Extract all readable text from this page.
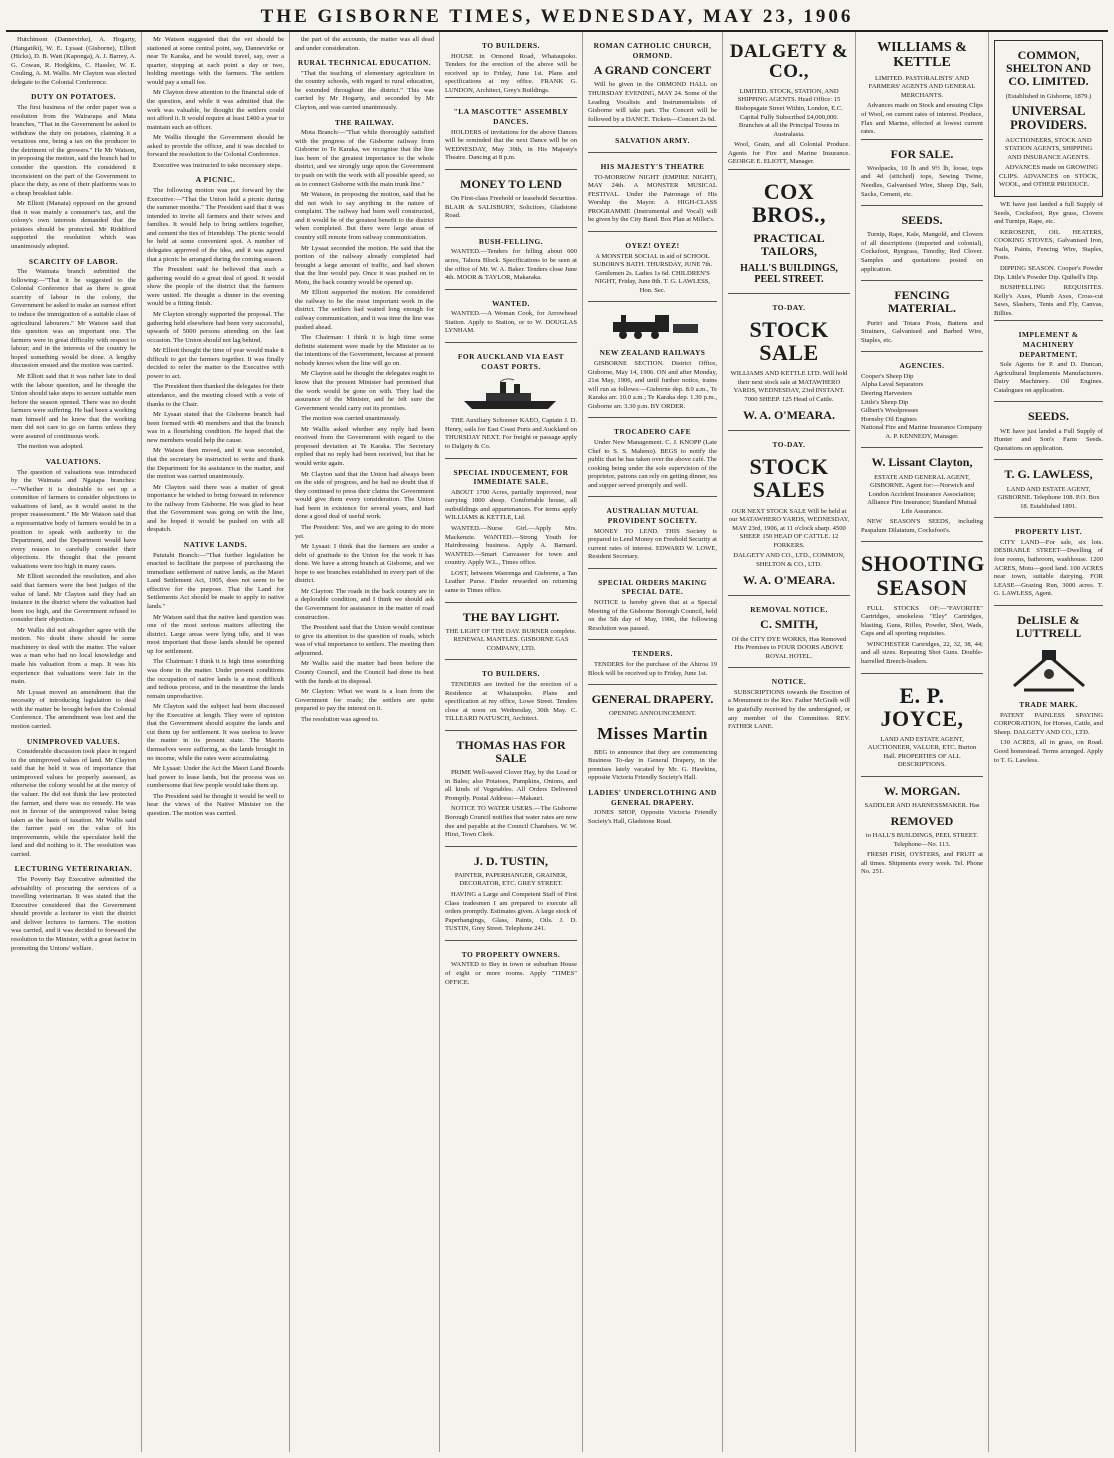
THE GISBORNE TIMES, WEDNESDAY, MAY 23, 1906

Hutchinson (Dannevirke), A. Hogarty, (Hangatiki), W. E. Lysaat (Gisborne), Elliott (Hicks), D. B. Watt (Kaponga), A. J. Barrey, A. G. Cowan, R. Hodgkins, C. Hassler, W. E. Couling, A. M. Wallis. Mr Clayton was elected delegate to the Colonial Conference.

DUTY ON POTATOES.

The first business of the order paper was a resolution from the Wairarapa and Mata branches, "That in the Government be asked to withdraw the duty on potatoes, claiming it a vexatious one, being a tax on the producer to the detriment of the growers." He Mr Watson, in proposing the motion, said the branch had to consider the question. He considered it inconsistent on the part of the Government to place the duty, as one of their platforms was to a cheap breakfast table.

Mr Elliott (Manaia) opposed on the ground that it was mainly a consumer's tax, and the colony's own interests demanded that the potatoes should be protected. Mr Riddiford supported the resolution which was unanimously adopted.

SCARCITY OF LABOR.

The Waimata branch submitted the following:—"That it be suggested to the Colonial Conference that as there is great scarcity of labour in the colony, the Government be asked to make an earnest effort to induce the immigration of a suitable class of agricultural labourers." Mr Watson said that this question was an important one. The farmers were in great difficulty with respect to labour; and in the interests of the country he hoped something would be done. A lengthy discussion ensued and the motion was carried.

Mr Elliott said that it was rather late to deal with the labour question, and he thought the Union should take steps to secure suitable men before the season opened. There was no doubt farmers were suffering. He had been a working man himself and he knew that the working men did not care to go on farms unless they were assured of continuous work.

The motion was adopted.

VALUATIONS.

The question of valuations was introduced by the Waimata and Ngatapa branches:—"Whether it is desirable to set up a committee of farmers to consider objections to valuations of land, as it would assist in the proper reassessment." He Mr Watson said that a representative body of farmers would be in a position to speak with authority to the Department, and the Department would have every reason to carefully consider their objections. He thought that the present valuations were too high in many cases.

Mr Elliott seconded the resolution, and also said that farmers were the best judges of the value of land. Mr Clayton said they had an instance in the district where the valuation had been too high, and the Government refused to consider their objection.

Mr Wallis did not altogether agree with the motion. No doubt there should be some machinery to deal with the matter. The valuer was a man who had no local knowledge and made his valuation from a map. It was his experience that valuations were fair in the main.

Mr Lysaat moved an amendment that the necessity of introducing legislation to deal with the matter be brought before the Colonial Conference. The amendment was lost and the motion carried.

UNIMPROVED VALUES.

Considerable discussion took place in regard to the unimproved values of land. Mr Clayton said that he held it was of importance that unimproved values be properly assessed, as otherwise the colony would be at the mercy of the valuer. He did not think the law protected the farmer, and there was no remedy. He was not in favour of the unimproved value being taken as the basis of taxation. Mr Wallis said the farmer paid on the value of his improvements, while the speculator held the land and did nothing to it. The resolution was carried.

LECTURING VETERINARIAN.

The Poverty Bay Executive submitted the advisability of procuring the services of a travelling veterinarian. It was stated that the Executive considered that the Government should provide a lecturer to visit the district and deliver lectures to farmers. The motion was carried, and it was decided to forward the resolution to the Minister, with a great factor in promoting the Unions' welfare.

Mr Watson suggested that the vet should be stationed at some central point, say, Dannevirke or near Te Karaka, and he would travel, say, over a quarter, stopping at each point a day or two, holding meetings with the farmers. The settlers would pay a small fee.

Mr Clayton drew attention to the financial side of the question, and while it was admitted that the work was valuable, he thought the settlers could not afford it. It would require at least £400 a year to maintain such an officer.

Mr Wallis thought the Government should be asked to provide the officer, and it was decided to forward the resolution to the Colonial Conference.

Executive was instructed to take necessary steps.

A PICNIC.

The following motion was put forward by the Executive:—"That the Union hold a picnic during the summer months." The President said that it was intended to invite all farmers and their wives and families. It would help to bring settlers together, and cement the ties of friendship. The picnic would be held at some convenient spot. A number of delegates approved of the idea, and it was agreed that a picnic be arranged during the coming season.

The President said he believed that such a gathering would do a great deal of good. It would show the people of the district that the farmers were united. He thought a dinner in the evening would be a fitting finish.

Mr Clayton strongly supported the proposal. The gathering held elsewhere had been very successful, upwards of 5000 persons attending on the last occasion. The Union should not lag behind.

Mr Elliott thought the time of year would make it difficult to get the farmers together. It was finally decided to refer the matter to the Executive with power to act.

The President then thanked the delegates for their attendance, and the meeting closed with a vote of thanks to the Chair.

Mr Lysaat stated that the Gisborne branch had been formed with 40 members and that the branch was in a flourishing condition. He hoped that the new members would help the cause.

Mr Watson then moved, and it was seconded, that the secretary be instructed to write and thank the Department for its assistance in the matter, and the motion was carried unanimously.

Mr Clayton said there was a matter of great importance he wished to bring forward in reference to the railway from Gisborne. He was glad to hear that the Government was going on with the line, and he hoped it would be pushed on with all despatch.

NATIVE LANDS.

Patutahi Branch:—"That further legislation be enacted to facilitate the purpose of purchasing the immediate settlement of native lands, as the Maori Land Settlement Act, 1905, does not seem to be effective for the purpose. That the Land for Settlements Act should be made to apply to native lands."

Mr Watson said that the native land question was one of the most serious matters affecting the district. Large areas were lying idle, and it was most important that these lands should be opened up for settlement.

The Chairman: I think it is high time something was done in the matter. Under present conditions the occupation of native lands is a most difficult and tedious process, and in the meantime the lands remain unproductive.

Mr Clayton said the subject had been discussed by the Executive at length. They were of opinion that the Government should acquire the lands and cut them up for settlement. It was useless to leave the matter in its present state. The Maoris themselves were suffering, as the lands brought in no income, while the rates were accumulating.

Mr Lysaat: Under the Act the Maori Land Boards had power to lease lands, but the process was so cumbersome that few people would take them up.

The President said he thought it would be well to hear the views of the Native Minister on the question. The motion was carried.

the part of the accounts, the matter was all dead and under consideration.

RURAL TECHNICAL EDUCATION.

"That the teaching of elementary agriculture in the country schools, with regard to rural education, be extended throughout the district." This was carried by Mr Hogarty, and seconded by Mr Clayton, and was carried unanimously.

THE RAILWAY.

Mota Branch:—"That while thoroughly satisfied with the progress of the Gisborne railway from Gisborne to Te Karaka, we recognise that the line has been of the greatest importance to the whole district, and we strongly urge upon the Government to push on with the work with all possible speed, so as to connect Gisborne with the main trunk line."

Mr Watson, in proposing the motion, said that he did not wish to say anything in the nature of complaint. The railway had been well constructed, and it would be of the greatest benefit to the district when completed. But there were large areas of country still remote from railway communication.

Mr Lysaat seconded the motion. He said that the portion of the railway already completed had brought a large amount of traffic, and had shown that the line would pay. Once it was pushed on to Motu, the back country would be opened up.

Mr Elliott supported the motion. He considered the railway to be the most important work in the district. The settlers had waited long enough for railway communication, and it was time the line was pushed ahead.

The Chairman: I think it is high time some definite statement were made by the Minister as to the intentions of the Government, because at present nobody knows when the line will go on.

Mr Clayton said he thought the delegates ought to know that the present Minister had promised that the work would be gone on with. They had the assurance of the Minister, and he felt sure the Government would carry out its promises.

The motion was carried unanimously.

Mr Wallis asked whether any reply had been received from the Government with regard to the proposed deviation at Te Karaka. The Secretary replied that no reply had been received, but that he would write again.

Mr Clayton said that the Union had always been on the side of progress, and he had no doubt that if they continued to press their claims the Government would give them every consideration. The Union had been in existence for several years, and had done a good deal of useful work.

The President: Yes, and we are going to do more yet.

Mr Lysaat: I think that the farmers are under a debt of gratitude to the Union for the work it has done. We have a strong branch at Gisborne, and we hope to see branches established in every part of the district.

Mr Clayton: The roads in the back country are in a deplorable condition, and I think we should ask the Government for assistance in the matter of road construction.

The President said that the Union would continue to give its attention to the question of roads, which was of vital importance to settlers. The meeting then adjourned.

Mr Wallis said the matter had been before the County Council, and the Council had done its best with the funds at its disposal.

Mr Clayton: What we want is a loan from the Government for roads; the settlers are quite prepared to pay the interest on it.

The resolution was agreed to.

TO BUILDERS.

HOUSE in Ormond Road, Whataupoko. Tenders for the erection of the above will be received up to Friday, June 1st. Plans and specifications at my office. FRANK G. LUNDON, Architect, Grey's Buildings.

"LA MASCOTTE" ASSEMBLY DANCES.

HOLDERS of invitations for the above Dances will be reminded that the next Dance will be on WEDNESDAY, May 30th, in His Majesty's Theatre. Dancing at 8 p.m.

MONEY TO LEND

On First-class Freehold or leasehold Securities. BLAIR & SALISBURY, Solicitors, Gladstone Road.

BUSH-FELLING.

WANTED.—Tenders for felling about 600 acres, Tahora Block. Specifications to be seen at the office of Mr. W. A. Baker. Tenders close June 4th. MOOR & TAYLOR, Makaraka.

WANTED.

WANTED.—A Woman Cook, for Arrowhead Station. Apply to Station, or to W. DOUGLAS LYNHAM.

FOR AUCKLAND VIA EAST COAST PORTS.

THE Auxiliary Schooner KAEO, Captain J. D. Henry, sails for East Coast Ports and Auckland on THURSDAY NEXT. For freight or passage apply to Dalgety & Co.

SPECIAL INDUCEMENT, FOR IMMEDIATE SALE.

ABOUT 1700 Acres, partially improved, near carrying 1800 sheep. Comfortable house, all outbuildings and appurtenances. For terms apply WILLIAMS & KETTLE, Ltd.

WANTED.—Nurse Girl.—Apply Mrs. Mackenzie. WANTED.—Strong Youth for Hairdressing business. Apply A. Barnard. WANTED.—Smart Canvasser for town and country. Apply W.L., Times office.

LOST, between Waerenga and Gisborne, a Tan Leather Purse. Finder rewarded on returning same to Times office.

THE BAY LIGHT.

THE LIGHT OF THE DAY. BURNER complete. RENEWAL MANTLES. GISBORNE GAS COMPANY, LTD.

TO BUILDERS.

TENDERS are invited for the erection of a Residence at Whataupoko. Plans and specification at my office, Lowe Street. Tenders close at noon on Wednesday, 30th May. C. TILLEARD NATUSCH, Architect.

THOMAS HAS FOR SALE

PRIME Well-saved Clover Hay, by the Load or in Bales; also Potatoes, Pumpkins, Onions, and all kinds of Vegetables. All Orders Delivered Promptly. Postal Address:—Makauri.

NOTICE TO WATER USERS.—The Gisborne Borough Council notifies that water rates are now due and payable at the Council Chambers. W. W. Hirst, Town Clerk.

J. D. TUSTIN,

PAINTER, PAPERHANGER, GRAINER, DECORATOR, ETC. GREY STREET.

HAVING a Large and Competent Staff of First Class tradesmen I am prepared to execute all orders promptly. Estimates given. A large stock of Paperhangings, Glass, Paints, Oils. J. D. TUSTIN, Grey Street. Telephone 241.

TO PROPERTY OWNERS.

WANTED to Buy in town or suburban House of eight or more rooms. Apply "TIMES" OFFICE.

ROMAN CATHOLIC CHURCH, ORMOND.
A GRAND CONCERT

Will be given in the ORMOND HALL on THURSDAY EVENING, MAY 24. Some of the Leading Vocalists and Instrumentalists of Gisborne will take part. The Concert will be followed by a DANCE. Tickets—Concert 2s 6d.

SALVATION ARMY.
HIS MAJESTY'S THEATRE

TO-MORROW NIGHT (EMPIRE NIGHT), MAY 24th. A MONSTER MUSICAL FESTIVAL. Under the Patronage of His Worship the Mayor. A HIGH-CLASS PROGRAMME (Instrumental and Vocal) will be given by the City Band. Box Plan at Miller's.

OYEZ! OYEZ!

A MONSTER SOCIAL in aid of SCHOOL SUBORN'S BATH. THURSDAY, JUNE 7th. Gentlemen 2s. Ladies 1s 6d. CHILDREN'S NIGHT, Friday, June 8th. T. G. LAWLESS, Hon. Sec.

NEW ZEALAND RAILWAYS

GISBORNE SECTION. District Office, Gisborne, May 14, 1906. ON and after Monday, 21st May, 1906, and until further notice, trains will run as follows:—Gisborne dep. 8.0 a.m., Te Karaka arr. 10.0 a.m.; Te Karaka dep. 1.30 p.m., Gisborne arr. 3.30 p.m. BY ORDER.

TROCADERO CAFE

Under New Management. C. J. KNOPP (Late Chef to S. S. Maheno). BEGS to notify the public that he has taken over the above café. The cooking being under the sole supervision of the proprietor, patrons can rely on getting dinner, tea and supper served promptly and well.

AUSTRALIAN MUTUAL PROVIDENT SOCIETY.

MONEY TO LEND. THIS Society is prepared to Lend Money on Freehold Security at current rates of interest. EDWARD W. LOWE, Resident Secretary.

SPECIAL ORDERS MAKING SPECIAL DATE.

NOTICE is hereby given that at a Special Meeting of the Gisborne Borough Council, held on the 5th day of May, 1906, the following Resolution was passed.

TENDERS.

TENDERS for the purchase of the Ahiroa 19 Block will be received up to Friday, June 1st.

GENERAL DRAPERY.

OPENING ANNOUNCEMENT.

Misses Martin

BEG to announce that they are commencing Business To-day in General Drapery, in the premises lately vacated by Mr. G. Hawkins, opposite Victoria Friendly Society's Hall.

LADIES' UNDERCLOTHING AND GENERAL DRAPERY.

JONES SHOP, Opposite Victoria Friendly Society's Hall, Gladstone Road.

DALGETY & CO.,

LIMITED. STOCK, STATION, AND SHIPPING AGENTS. Head Office: 15 Bishopsgate Street Within, London, E.C. Capital Fully Subscribed £4,000,000. Branches at all the Principal Towns in Australasia.

Wool, Grain, and all Colonial Produce. Agents for Fire and Marine Insurance. GEORGE E. ELIOTT, Manager.

COX BROS.,
PRACTICAL TAILORS,
HALL'S BUILDINGS, PEEL STREET.
TO-DAY.
STOCK SALE

WILLIAMS AND KETTLE LTD. Will hold their next stock sale at MATAWHERO YARDS, WEDNESDAY, 23rd INSTANT. 7000 SHEEP. 125 Head of Cattle.

W. A. O'MEARA.
TO-DAY.
STOCK SALES

OUR NEXT STOCK SALE Will be held at our MATAWHERO YARDS, WEDNESDAY, MAY 23rd, 1906, at 11 o'clock sharp. 4500 SHEEP. 150 HEAD OF CATTLE. 12 FORKERS.

DALGETY AND CO., LTD., COMMON, SHELTON & CO., LTD.

W. A. O'MEARA.
REMOVAL NOTICE.
C. SMITH,

Of the CITY DYE WORKS, Has Removed His Premises to FOUR DOORS ABOVE ROYAL HOTEL.

NOTICE.

SUBSCRIPTIONS towards the Erection of a Monument to the Rev. Father McGrath will be gratefully received by the undersigned, or any member of the Committee. REV. FATHER LANE.

WILLIAMS & KETTLE

LIMITED. PASTORALISTS' AND FARMERS' AGENTS AND GENERAL MERCHANTS.

Advances made on Stock and ensuing Clips of Wool, on current rates of interest. Produce, Flax and Marine, effected at lowest current rates.

FOR SALE.

Woolpacks, 10 lb and 9½ lb, loose, tops and 4d (stitched) tops, Sewing Twine, Needles, Galvanised Wire, Sheep Dip, Salt, Sacks, Cement, etc.

SEEDS.

Turnip, Rape, Kale, Mangold, and Clovers of all descriptions (imported and colonial), Cocksfoot, Ryegrass, Timothy, Red Clover. Samples and quotations posted on application.

FENCING MATERIAL.

Puriri and Totara Posts, Battens and Strainers, Galvanised and Barbed Wire, Staples, etc.

AGENCIES.

Cooper's Sheep Dip

Alpha Laval Separators

Deering Harvesters

Little's Sheep Dip

Gilbert's Woolpresses

Hornsby Oil Engines

National Fire and Marine Insurance Company

A. P. KENNEDY, Manager.

W. Lissant Clayton,

ESTATE AND GENERAL AGENT, GISBORNE. Agent for:—Norwich and London Accident Insurance Association; Alliance Fire Insurance; Standard Mutual Life Assurance.

NEW SEASON'S SEEDS, including Paspalum Dilatatum, Cocksfoot's.

SHOOTING SEASON

FULL STOCKS OF:—"FAVORITE" Cartridges, smokeless "Eley" Cartridges, blasting, Guns, Rifles, Powder, Shot, Wads, Caps and all sporting requisites.

WINCHESTER Cartridges, 22, 32, 38, 44; and all sizes. Repeating Shot Guns. Double-barrelled Breech-loaders.

E. P. JOYCE,

LAND AND ESTATE AGENT, AUCTIONEER, VALUER, ETC. Burton Hall. PROPERTIES OF ALL DESCRIPTIONS.

W. MORGAN.

SADDLER AND HARNESSMAKER. Has

REMOVED

to HALL'S BUILDINGS, PEEL STREET. Telephone—No. 113.

FRESH FISH, OYSTERS, and FRUIT at all times. Shipments every week. Tel. Phone No. 251.

COMMON, SHELTON AND CO. LIMITED.

(Established in Gisborne, 1879.)

UNIVERSAL PROVIDERS.

AUCTIONEERS, STOCK AND STATION AGENTS, SHIPPING AND INSURANCE AGENTS.

ADVANCES made on GROWING CLIPS. ADVANCES on STOCK, WOOL, and OTHER PRODUCE.

WE have just landed a full Supply of Seeds, Cocksfoot, Rye grass, Clovers and Turnips, Rape, etc.

KEROSENE, OIL HEATERS, COOKING STOVES, Galvanised Iron, Nails, Paints, Fencing Wire, Staples, Posts.

DIPPING SEASON. Cooper's Powder Dip. Little's Powder Dip. Quibell's Dip.

BUSHFELLING REQUISITES. Kelly's Axes, Plumb Axes, Cross-cut Saws, Slashers, Tents and Fly, Canvas, Billies.

IMPLEMENT & MACHINERY DEPARTMENT.

Sole Agents for P. and D. Duncan, Agricultural Implements Manufacturers. Dairy Machinery. Oil Engines. Catalogues on application.

SEEDS.

WE have just landed a Full Supply of Hunter and Son's Farm Seeds. Quotations on application.

T. G. LAWLESS,

LAND AND ESTATE AGENT, GISBORNE. Telephone 108. P.O. Box 18. Established 1891.

PROPERTY LIST.

CITY LAND—For sale, six lots. DESIRABLE STREET—Dwelling of four rooms, bathroom, washhouse. 1200 ACRES, Motu—good land. 100 ACRES near town, suitable dairying. FOR LEASE—Grazing Run, 3000 acres. T. G. LAWLESS, Agent.

DeLISLE & LUTTRELL
TRADE MARK.

PATENT PAINLESS SPAYING CORPORATION, for Horses, Cattle, and Sheep. DALGETY AND CO., LTD.

130 ACRES, all in grass, on Road. Good homestead. Terms arranged. Apply to T. G. Lawless.
